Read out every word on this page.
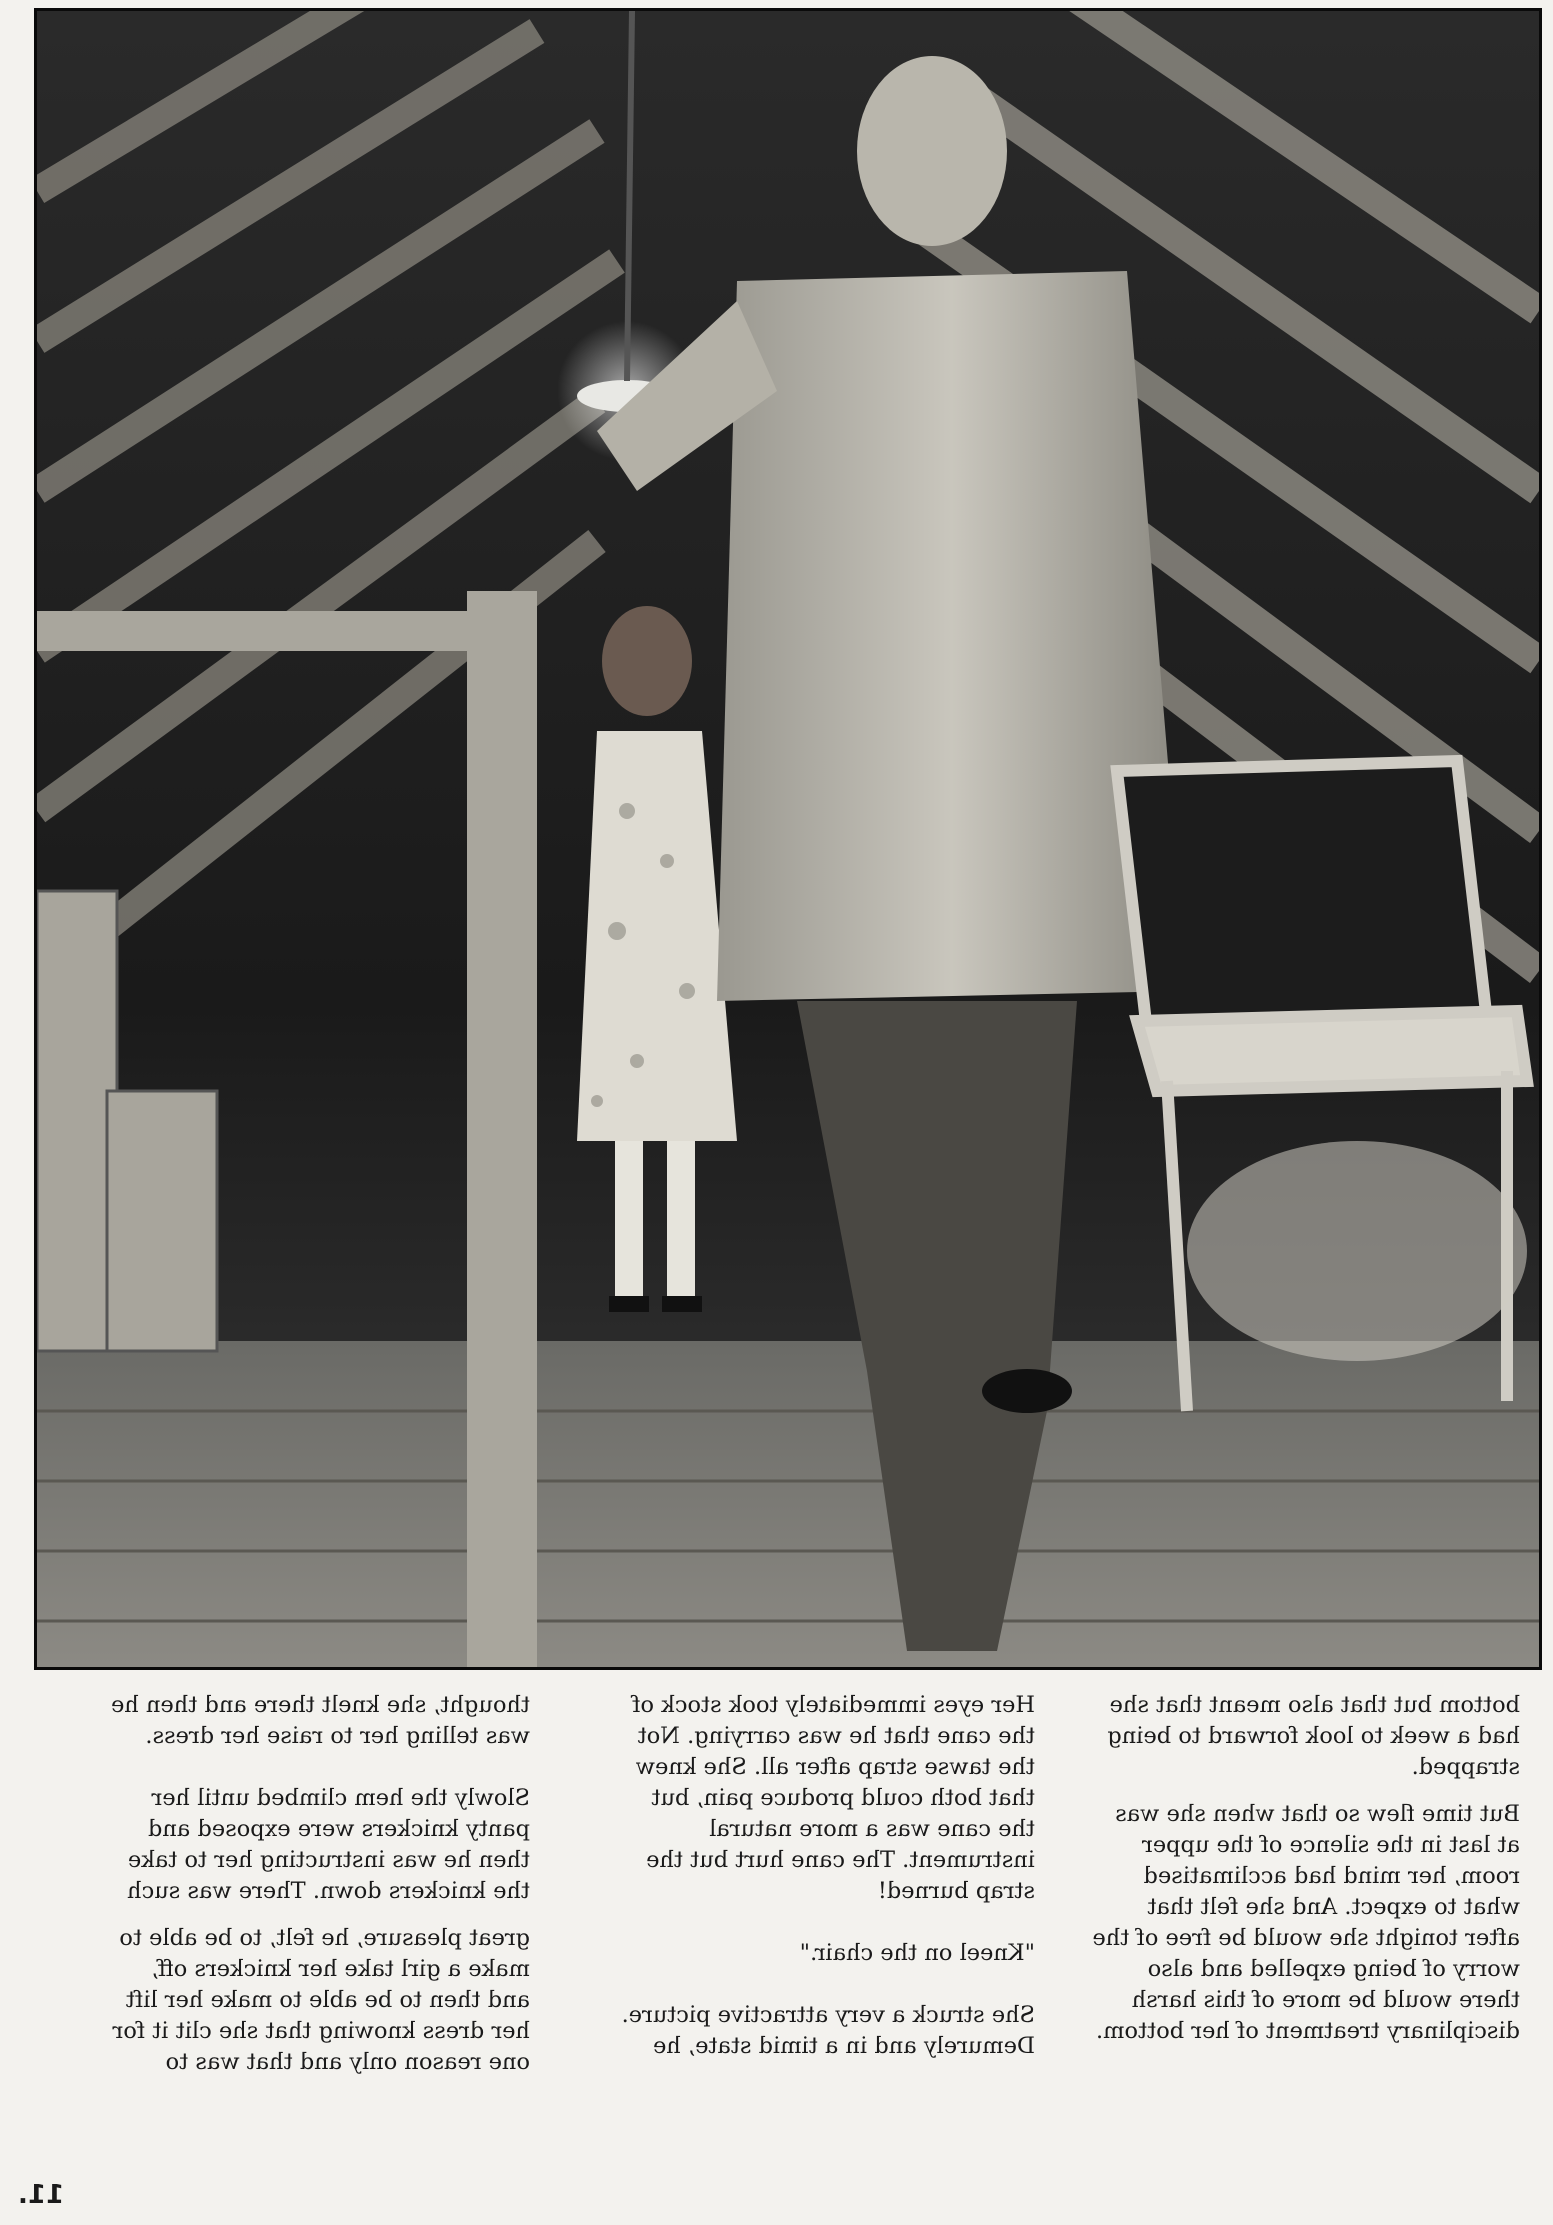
bottom but that also meant that she
had a week to look forward to being
strapped.

But time flew so that when she was
at last in the silence of the upper
room, her mind had acclimatised
what to expect. And she felt that
after tonight she would be free of the
worry of being expelled and also
there would be more of this harsh
disciplinary treatment of her bottom.

Her eyes immediately took stock of
the cane that he was carrying. Not
the tawse strap after all. She knew
that both could produce pain, but
the cane was a more natural
instrument. The cane hurt but the
strap burned!

"Kneel on the chair."

She struck a very attractive picture.
Demurely and in a timid state, he

thought, she knelt there and then he
was telling her to raise her dress.

Slowly the hem climbed until her
panty knickers were exposed and
then he was instructing her to take
the knickers down. There was such

great pleasure, he felt, to be able to
make a girl take her knickers off,
and then to be able to make her lift
her dress knowing that she clit it for
one reason only and that was to

11.
